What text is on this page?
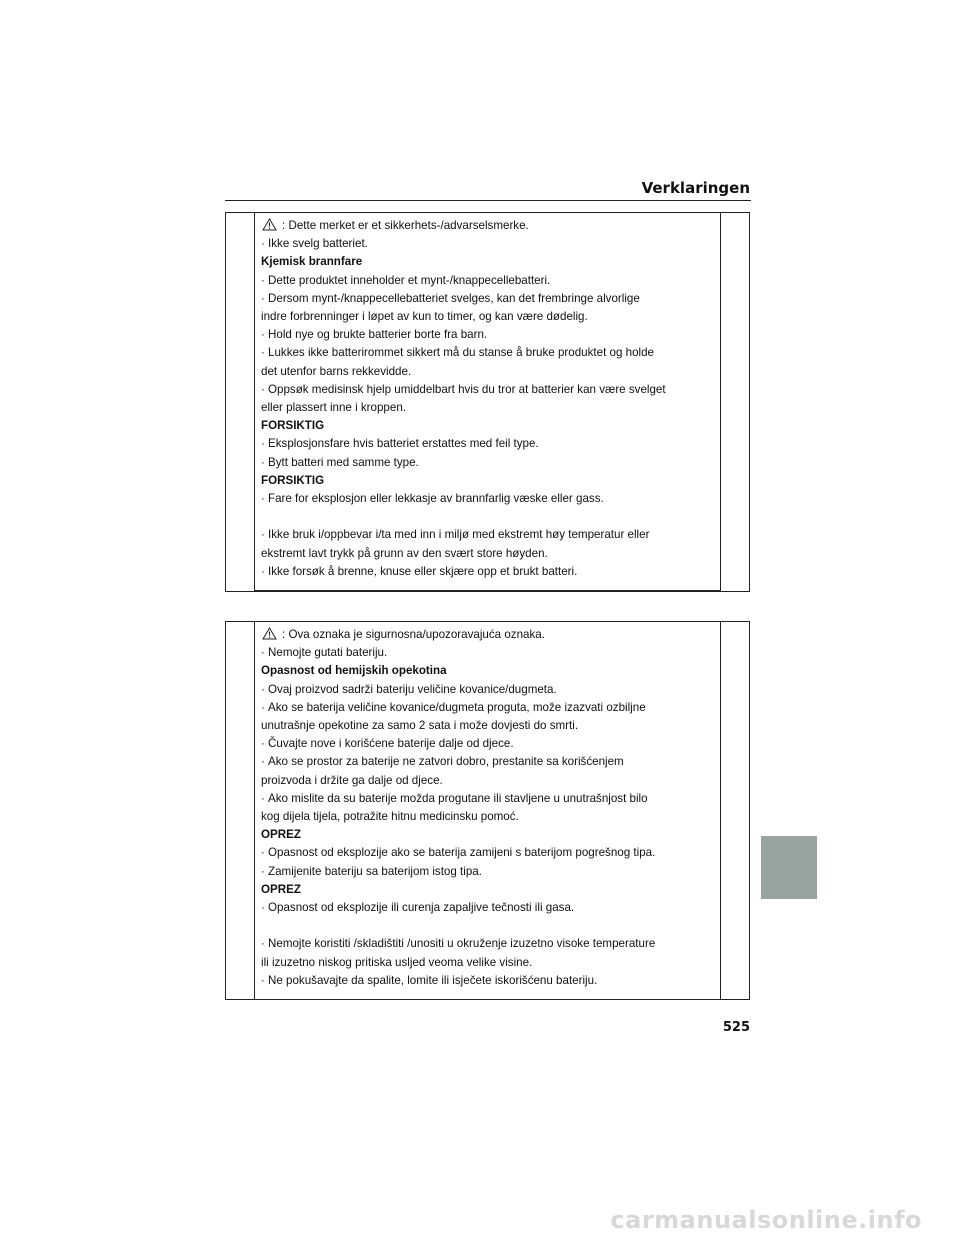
Verklaringen
: Dette merket er et sikkerhets-/advarselsmerke.
· Ikke svelg batteriet.
Kjemisk brannfare
· Dette produktet inneholder et mynt-/knappecellebatteri.
· Dersom mynt-/knappecellebatteriet svelges, kan det frembringe alvorlige
indre forbrenninger i løpet av kun to timer, og kan være dødelig.
· Hold nye og brukte batterier borte fra barn.
· Lukkes ikke batterirommet sikkert må du stanse å bruke produktet og holde
det utenfor barns rekkevidde.
· Oppsøk medisinsk hjelp umiddelbart hvis du tror at batterier kan være svelget
eller plassert inne i kroppen.
FORSIKTIG
· Eksplosjonsfare hvis batteriet erstattes med feil type.
· Bytt batteri med samme type.
FORSIKTIG
· Fare for eksplosjon eller lekkasje av brannfarlig væske eller gass.
· Ikke bruk i/oppbevar i/ta med inn i miljø med ekstremt høy temperatur eller
ekstremt lavt trykk på grunn av den svært store høyden.
· Ikke forsøk å brenne, knuse eller skjære opp et brukt batteri.
: Ova oznaka je sigurnosna/upozoravajuća oznaka.
· Nemojte gutati bateriju.
Opasnost od hemijskih opekotina
· Ovaj proizvod sadrži bateriju veličine kovanice/dugmeta.
· Ako se baterija veličine kovanice/dugmeta proguta, može izazvati ozbiljne
unutrašnje opekotine za samo 2 sata i može dovjesti do smrti.
· Čuvajte nove i korišćene baterije dalje od djece.
· Ako se prostor za baterije ne zatvori dobro, prestanite sa korišćenjem
proizvoda i držite ga dalje od djece.
· Ako mislite da su baterije možda progutane ili stavljene u unutrašnjost bilo
kog dijela tijela, potražite hitnu medicinsku pomoć.
OPREZ
· Opasnost od eksplozije ako se baterija zamijeni s baterijom pogrešnog tipa.
· Zamijenite bateriju sa baterijom istog tipa.
OPREZ
· Opasnost od eksplozije ili curenja zapaljive tečnosti ili gasa.
· Nemojte koristiti /skladištiti /unositi u okruženje izuzetno visoke temperature
ili izuzetno niskog pritiska usljed veoma velike visine.
· Ne pokušavajte da spalite, lomite ili isječete iskorišćenu bateriju.
525
carmanualsonline.info
